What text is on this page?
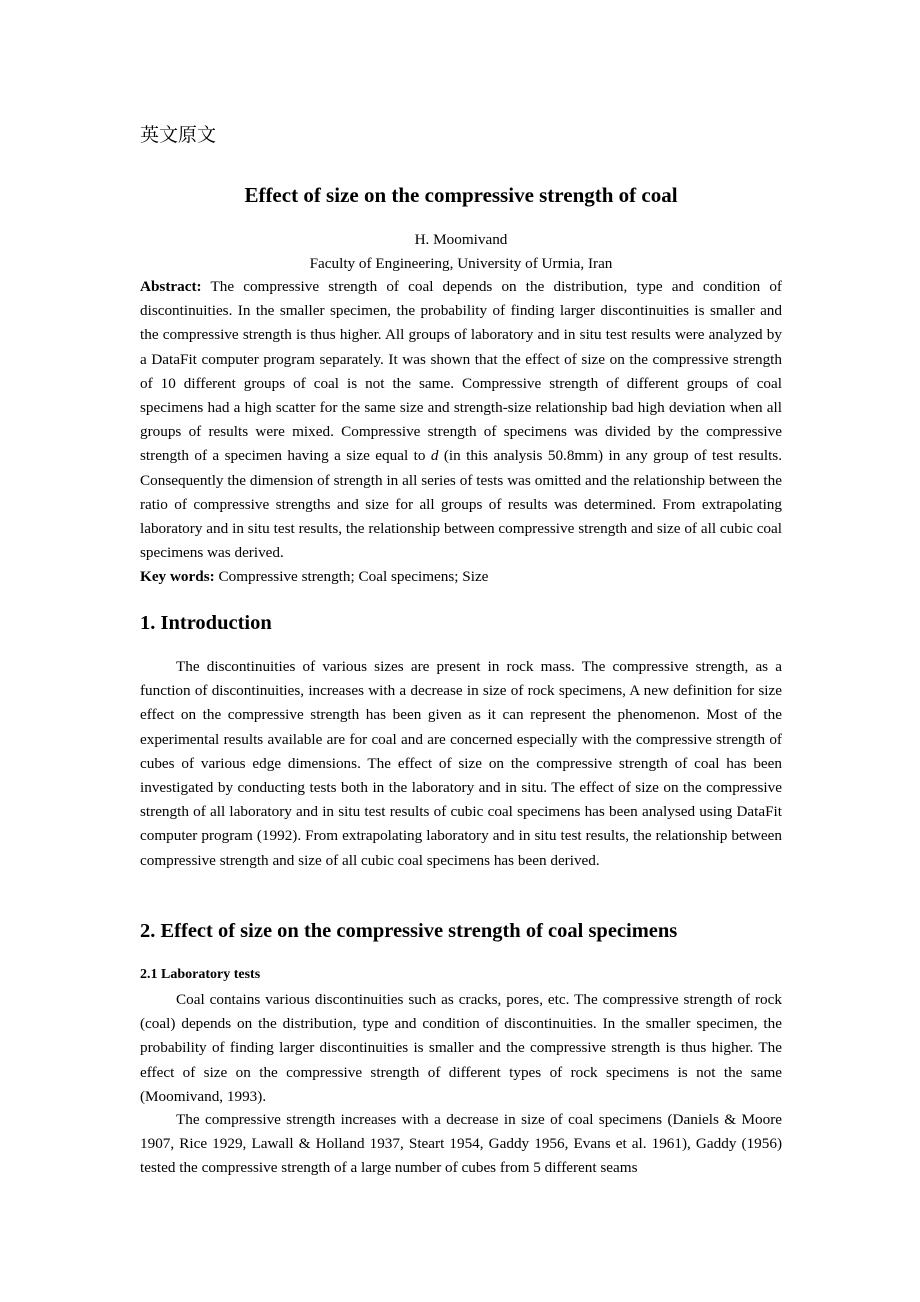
英文原文
Effect of size on the compressive strength of coal
H. Moomivand
Faculty of Engineering, University of Urmia, Iran

Abstract: The compressive strength of coal depends on the distribution, type and condition of discontinuities. In the smaller specimen, the probability of finding larger discontinuities is smaller and the compressive strength is thus higher. All groups of laboratory and in situ test results were analyzed by a DataFit computer program separately. It was shown that the effect of size on the compressive strength of 10 different groups of coal is not the same. Compressive strength of different groups of coal specimens had a high scatter for the same size and strength-size relationship bad high deviation when all groups of results were mixed. Compressive strength of specimens was divided by the compressive strength of a specimen having a size equal to d (in this analysis 50.8mm) in any group of test results. Consequently the dimension of strength in all series of tests was omitted and the relationship between the ratio of compressive strengths and size for all groups of results was determined. From extrapolating laboratory and in situ test results, the relationship between compressive strength and size of all cubic coal specimens was derived.

Key words: Compressive strength; Coal specimens; Size
1. Introduction

The discontinuities of various sizes are present in rock mass. The compressive strength, as a function of discontinuities, increases with a decrease in size of rock specimens, A new definition for size effect on the compressive strength has been given as it can represent the phenomenon. Most of the experimental results available are for coal and are concerned especially with the compressive strength of cubes of various edge dimensions. The effect of size on the compressive strength of coal has been investigated by conducting tests both in the laboratory and in situ. The effect of size on the compressive strength of all laboratory and in situ test results of cubic coal specimens has been analysed using DataFit computer program (1992). From extrapolating laboratory and in situ test results, the relationship between compressive strength and size of all cubic coal specimens has been derived.

2. Effect of size on the compressive strength of coal specimens
2.1 Laboratory tests

Coal contains various discontinuities such as cracks, pores, etc. The compressive strength of rock (coal) depends on the distribution, type and condition of discontinuities. In the smaller specimen, the probability of finding larger discontinuities is smaller and the compressive strength is thus higher. The effect of size on the compressive strength of different types of rock specimens is not the same (Moomivand, 1993).

The compressive strength increases with a decrease in size of coal specimens (Daniels & Moore 1907, Rice 1929, Lawall & Holland 1937, Steart 1954, Gaddy 1956, Evans et al. 1961), Gaddy (1956) tested the compressive strength of a large number of cubes from 5 different seams
